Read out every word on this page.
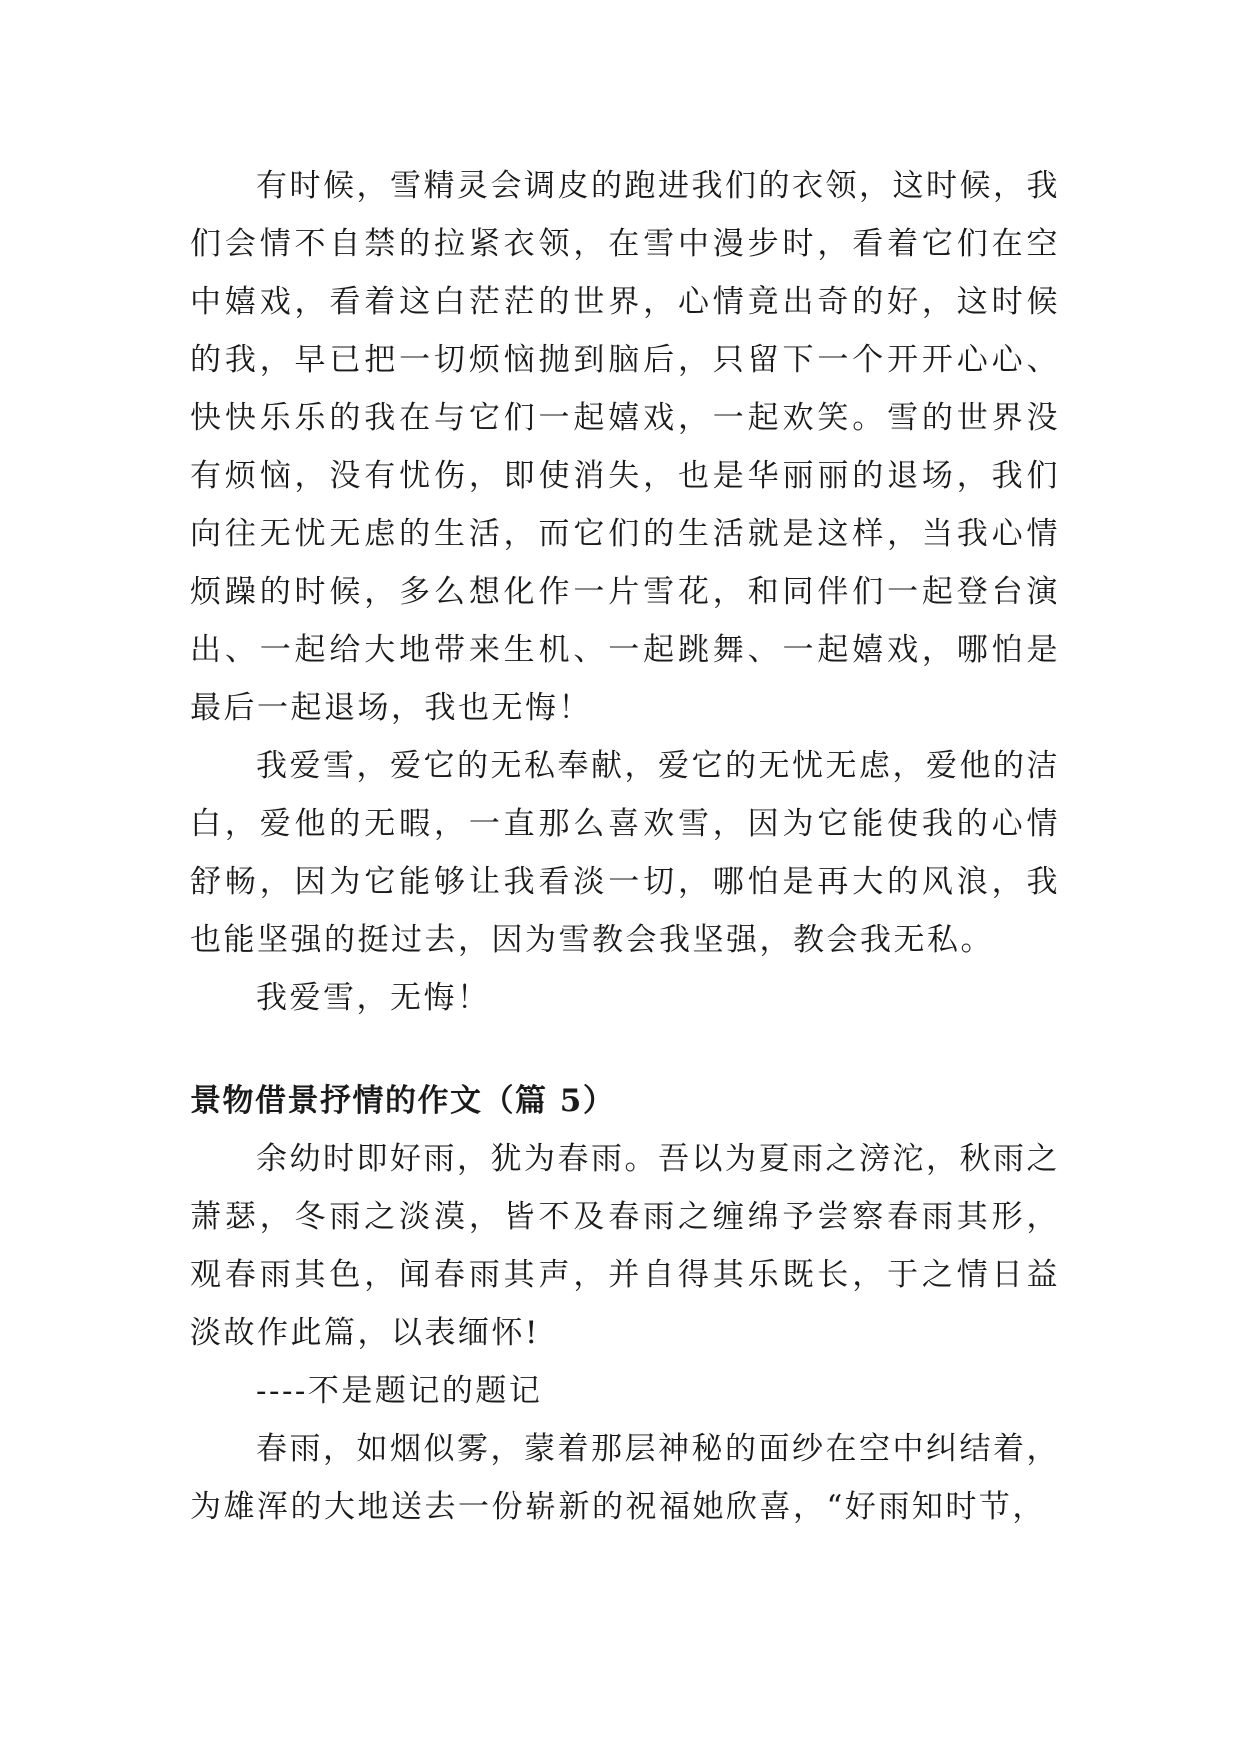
有时候，雪精灵会调皮的跑进我们的衣领，这时候，我们会情不自禁的拉紧衣领，在雪中漫步时，看着它们在空中嬉戏，看着这白茫茫的世界，心情竟出奇的好，这时候的我，早已把一切烦恼抛到脑后，只留下一个开开心心、快快乐乐的我在与它们一起嬉戏，一起欢笑。雪的世界没有烦恼，没有忧伤，即使消失，也是华丽丽的退场，我们向往无忧无虑的生活，而它们的生活就是这样，当我心情烦躁的时候，多么想化作一片雪花，和同伴们一起登台演出、一起给大地带来生机、一起跳舞、一起嬉戏，哪怕是最后一起退场，我也无悔！

我爱雪，爱它的无私奉献，爱它的无忧无虑，爱他的洁白，爱他的无暇，一直那么喜欢雪，因为它能使我的心情舒畅，因为它能够让我看淡一切，哪怕是再大的风浪，我也能坚强的挺过去，因为雪教会我坚强，教会我无私。

我爱雪，无悔！

景物借景抒情的作文（篇 5）

余幼时即好雨，犹为春雨。吾以为夏雨之滂沱，秋雨之萧瑟，冬雨之淡漠，皆不及春雨之缠绵予尝察春雨其形，观春雨其色，闻春雨其声，并自得其乐既长，于之情日益淡故作此篇，以表缅怀!

----不是题记的题记

春雨，如烟似雾，蒙着那层神秘的面纱在空中纠结着，为雄浑的大地送去一份崭新的祝福她欣喜，“好雨知时节，
